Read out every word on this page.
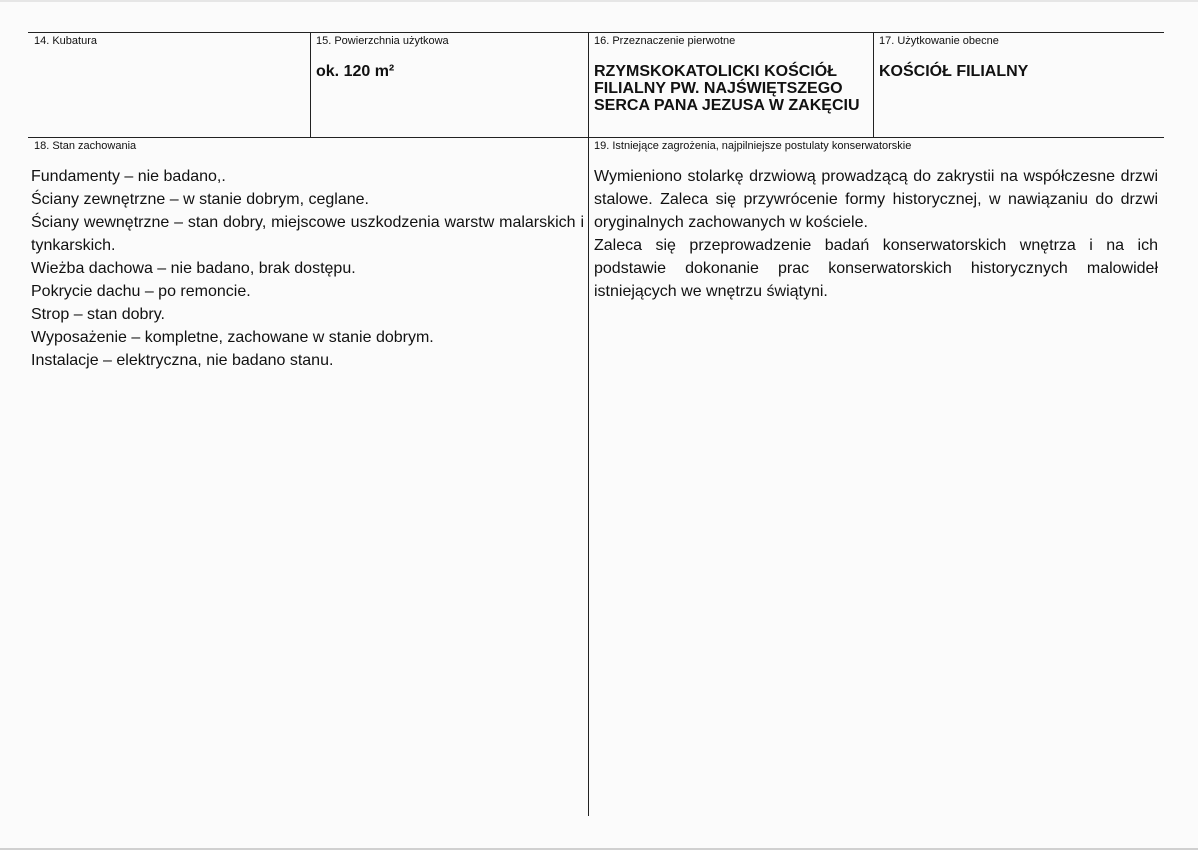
14. Kubatura	15. Powierzchnia użytkowa
ok. 120 m²
16. Przeznaczenie pierwotne
RZYMSKOKATOLICKI KOŚCIÓŁ FILIALNY PW. NAJŚWIĘTSZEGO SERCA PANA JEZUSA W ZAKĘCIU
17. Użytkowanie obecne
KOŚCIÓŁ FILIALNY
18. Stan zachowania

Fundamenty – nie badano,.

Ściany zewnętrzne – w stanie dobrym, ceglane.

Ściany wewnętrzne – stan dobry, miejscowe uszkodzenia warstw malarskich i tynkarskich.

Wieżba dachowa – nie badano, brak dostępu.

Pokrycie dachu – po remoncie.

Strop – stan dobry.

Wyposażenie – kompletne, zachowane w stanie dobrym.

Instalacje – elektryczna, nie badano stanu.

19. Istniejące zagrożenia, najpilniejsze postulaty konserwatorskie

Wymieniono stolarkę drzwiową prowadzącą do zakrystii na współczesne drzwi stalowe. Zaleca się przywrócenie formy historycznej, w nawiązaniu do drzwi oryginalnych zachowanych w kościele.

Zaleca się przeprowadzenie badań konserwatorskich wnętrza i na ich podstawie dokonanie prac konserwatorskich historycznych malowideł istniejących we wnętrzu świątyni.
